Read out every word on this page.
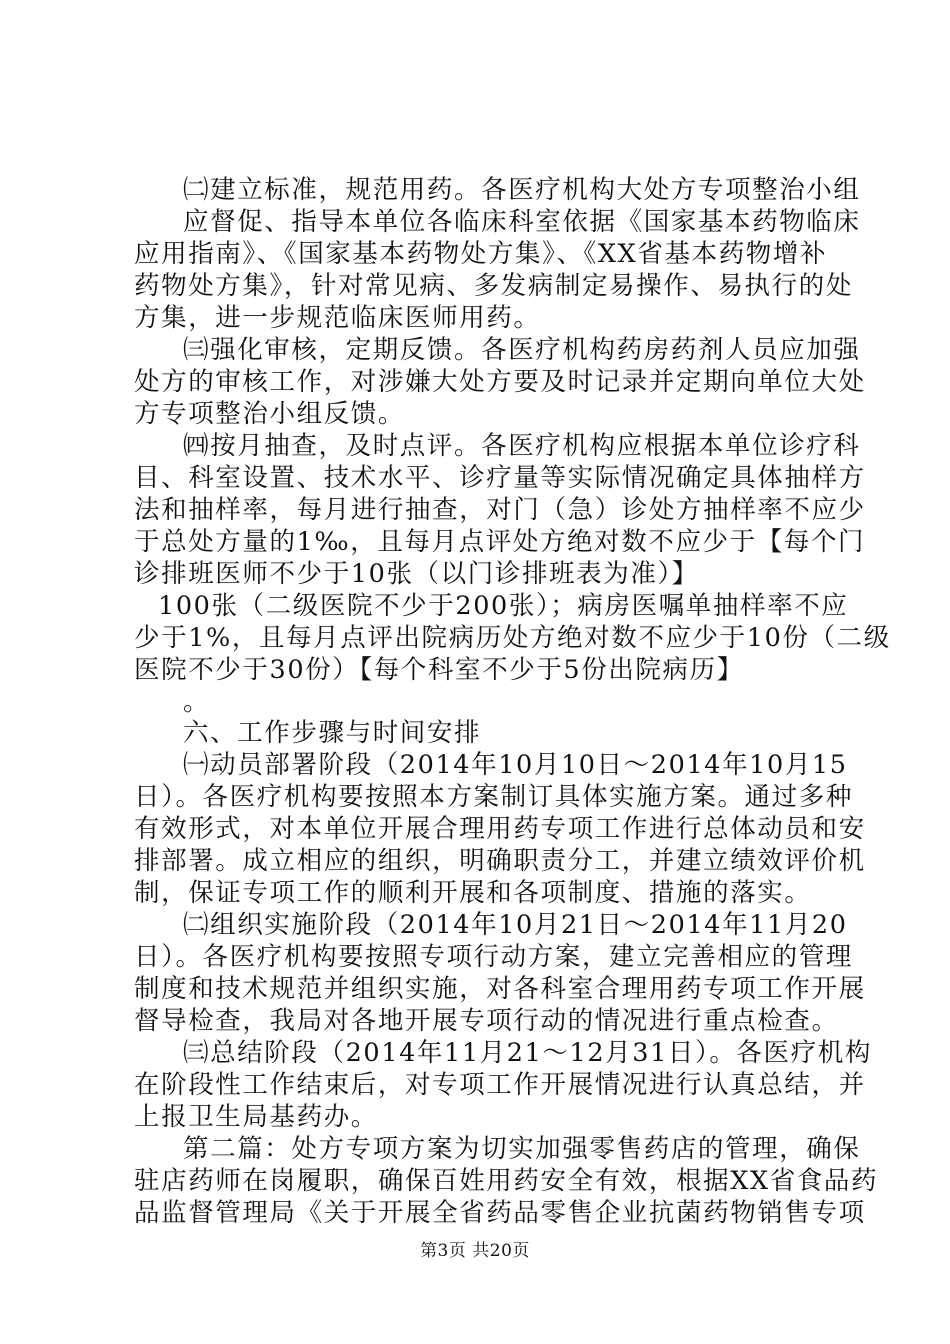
㈡建立标准，规范用药。各医疗机构大处方专项整治小组
应督促、指导本单位各临床科室依据《国家基本药物临床
应用指南》、《国家基本药物处方集》、《XX省基本药物增补
药物处方集》，针对常见病、多发病制定易操作、易执行的处
方集，进一步规范临床医师用药。
㈢强化审核，定期反馈。各医疗机构药房药剂人员应加强
处方的审核工作，对涉嫌大处方要及时记录并定期向单位大处
方专项整治小组反馈。
㈣按月抽查，及时点评。各医疗机构应根据本单位诊疗科
目、科室设置、技术水平、诊疗量等实际情况确定具体抽样方
法和抽样率，每月进行抽查，对门（急）诊处方抽样率不应少
于总处方量的1‰，且每月点评处方绝对数不应少于【每个门
诊排班医师不少于10张（以门诊排班表为准）】
100张（二级医院不少于200张）；病房医嘱单抽样率不应
少于1%，且每月点评出院病历处方绝对数不应少于10份（二级
医院不少于30份）【每个科室不少于5份出院病历】
。
六、工作步骤与时间安排
㈠动员部署阶段（2014年10月10日～2014年10月15
日）。各医疗机构要按照本方案制订具体实施方案。通过多种
有效形式，对本单位开展合理用药专项工作进行总体动员和安
排部署。成立相应的组织，明确职责分工，并建立绩效评价机
制，保证专项工作的顺利开展和各项制度、措施的落实。
㈡组织实施阶段（2014年10月21日～2014年11月20
日）。各医疗机构要按照专项行动方案，建立完善相应的管理
制度和技术规范并组织实施，对各科室合理用药专项工作开展
督导检查，我局对各地开展专项行动的情况进行重点检查。
㈢总结阶段（2014年11月21～12月31日）。各医疗机构
在阶段性工作结束后，对专项工作开展情况进行认真总结，并
上报卫生局基药办。
第二篇：处方专项方案为切实加强零售药店的管理，确保
第3页 共20页
驻店药师在岗履职，确保百姓用药安全有效，根据XX省食品药
品监督管理局《关于开展全省药品零售企业抗菌药物销售专项
